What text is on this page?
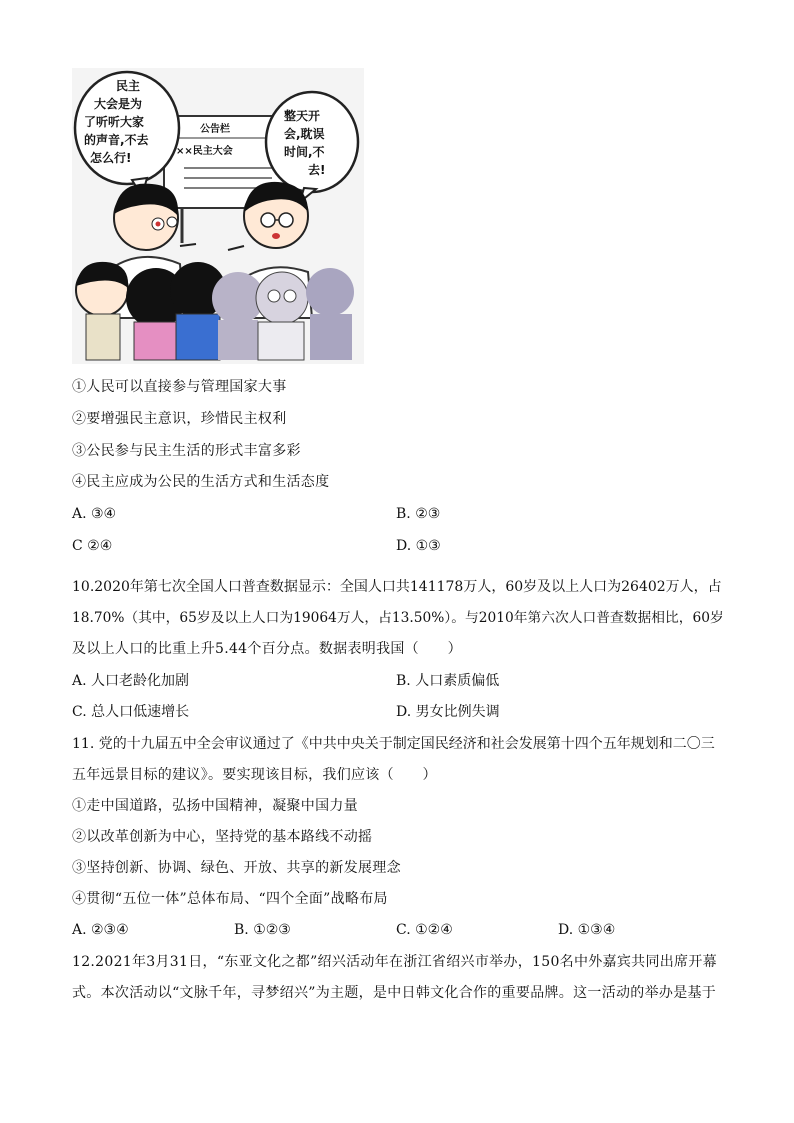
公告栏
××民主大会
民主
大会是为
了听听大家
的声音,不去
怎么行!
整天开
会,耽误
时间,不
去!
①人民可以直接参与管理国家大事
②要增强民主意识，珍惜民主权利
③公民参与民主生活的形式丰富多彩
④民主应成为公民的生活方式和生活态度
A. ③④	B. ②③
C ②④	D. ①③
10.2020年第七次全国人口普查数据显示：全国人口共141178万人，60岁及以上人口为26402万人，占
18.70%（其中，65岁及以上人口为19064万人，占13.50%）。与2010年第六次人口普查数据相比，60岁
及以上人口的比重上升5.44个百分点。数据表明我国（　　）
A. 人口老龄化加剧	B. 人口素质偏低
C. 总人口低速增长	D. 男女比例失调
11. 党的十九届五中全会审议通过了《中共中央关于制定国民经济和社会发展第十四个五年规划和二〇三
五年远景目标的建议》。要实现该目标，我们应该（　　）
①走中国道路，弘扬中国精神，凝聚中国力量
②以改革创新为中心，坚持党的基本路线不动摇
③坚持创新、协调、绿色、开放、共享的新发展理念
④贯彻“五位一体”总体布局、“四个全面”战略布局
A. ②③④	B. ①②③	C. ①②④	D. ①③④
12.2021年3月31日，“东亚文化之都”绍兴活动年在浙江省绍兴市举办，150名中外嘉宾共同出席开幕
式。本次活动以“文脉千年，寻梦绍兴”为主题，是中日韩文化合作的重要品牌。这一活动的举办是基于
